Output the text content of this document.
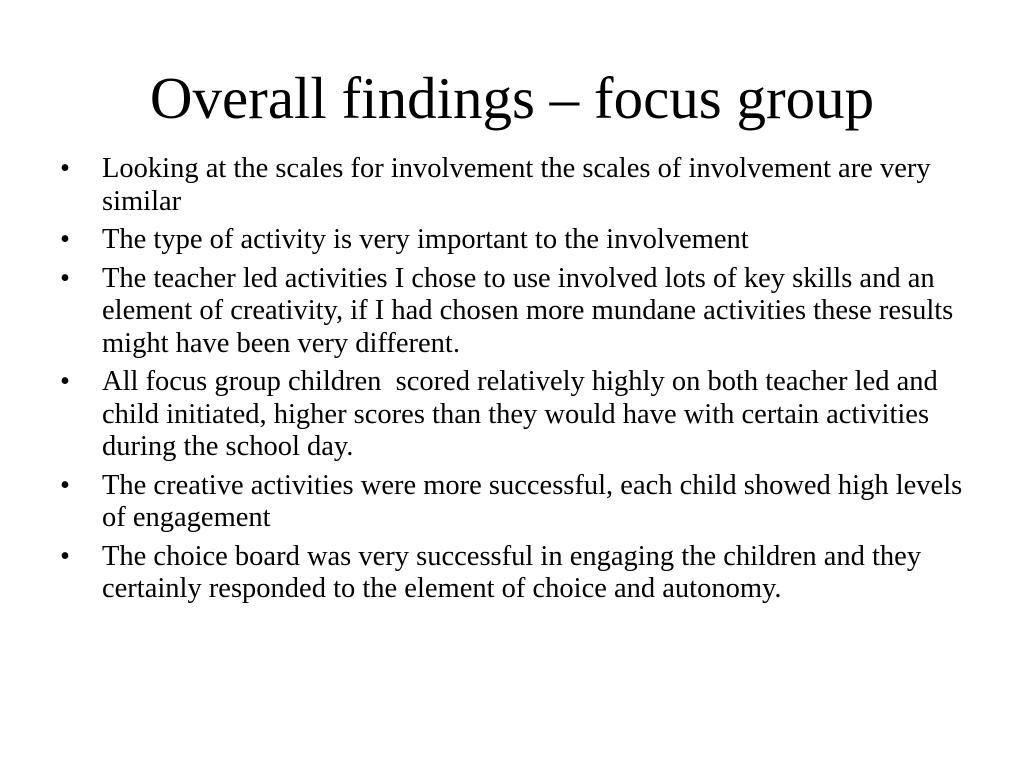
Overall findings – focus group
•	Looking at the scales for involvement the scales of involvement are very similar
•	The type of activity is very important to the involvement
•	The teacher led activities I chose to use involved lots of key skills and an element of creativity, if I had chosen more mundane activities these results might have been very different.
•	All focus group children  scored relatively highly on both teacher led and child initiated, higher scores than they would have with certain activities during the school day.
•	The creative activities were more successful, each child showed high levels of engagement
•	The choice board was very successful in engaging the children and they certainly responded to the element of choice and autonomy.
